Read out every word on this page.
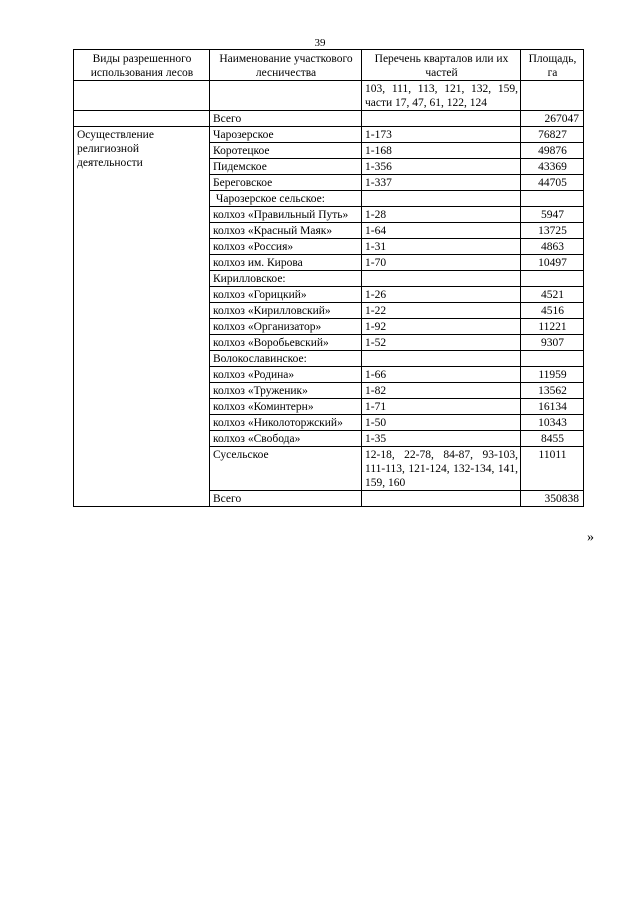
39
Виды разрешенного использования лесов	Наименование участкового лесничества	Перечень кварталов или их частей	Площадь, га
		103, 111, 113, 121, 132, 159, части 17, 47, 61, 122, 124	
	Всего		267047
Осуществление религиозной деятельности	Чарозерское	1-173	76827
	Коротецкое	1-168	49876
	Пидемское	1-356	43369
	Береговское	1-337	44705
	Чарозерское сельское:		
	колхоз «Правильный Путь»	1-28	5947
	колхоз «Красный Маяк»	1-64	13725
	колхоз «Россия»	1-31	4863
	колхоз им. Кирова	1-70	10497
	Кирилловское:		
	колхоз «Горицкий»	1-26	4521
	колхоз «Кирилловский»	1-22	4516
	колхоз «Организатор»	1-92	11221
	колхоз «Воробьевский»	1-52	9307
	Волокославинское:		
	колхоз «Родина»	1-66	11959
	колхоз «Труженик»	1-82	13562
	колхоз «Коминтерн»	1-71	16134
	колхоз «Николоторжский»	1-50	10343
	колхоз «Свобода»	1-35	8455
	Сусельское	12-18, 22-78, 84-87, 93-103, 111-113, 121-124, 132-134, 141, 159, 160	11011
	Всего		350838
»
